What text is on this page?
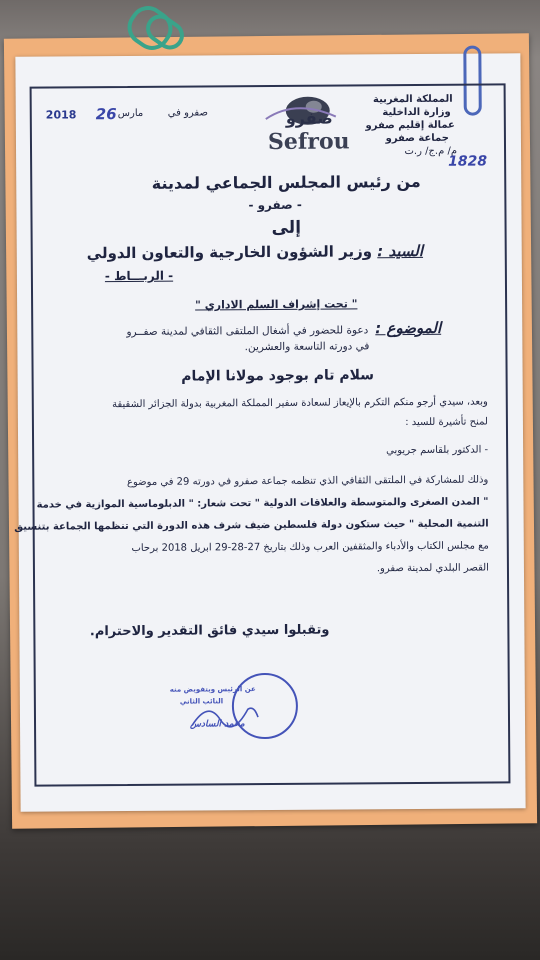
المملكة المغربية
وزارة الداخلية
عمالة إقليم صفرو
جماعة صفرو
م/ م.ج/ ر.ت
1828
صفرو
Sefrou
2018	مارس
26	صفرو في
من رئيس المجلس الجماعي لمدينة
- صفرو -
إلى
السيد : وزير الشؤون الخارجية والتعاون الدولي
- الربـــاط -
" تحت إشراف السلم الاداري "
الموضوع :
دعوة للحضور في أشغال الملتقى الثقافي لمدينة صفــرو
في دورته التاسعة والعشرين.
سلام تام بوجود مولانا الإمام
وبعد، سيدي أرجو منكم التكرم بالإيعاز لسعادة سفير المملكة المغربية بدولة الجزائر الشقيقة
لمنح تأشيرة للسيد :
- الدكتور بلقاسم جريوبي
وذلك للمشاركة في الملتقى الثقافي الذي تنظمه جماعة صفرو في دورته 29 في موضوع
" المدن الصغرى والمتوسطة والعلاقات الدولية " تحت شعار: " الدبلوماسية الموازية في خدمة
التنمية المحلية " حيث ستكون دولة فلسطين ضيف شرف هذه الدورة التي تنظمها الجماعة بتنسيق
مع مجلس الكتاب والأدباء والمثقفين العرب وذلك بتاريخ 27-28-29 ابريل 2018 برحاب
القصر البلدي لمدينة صفرو.
وتقبلوا سيدي فائق التقدير والاحترام.
عن الرئيس وبتفويض منه
النائب الثاني
محمد السادس
